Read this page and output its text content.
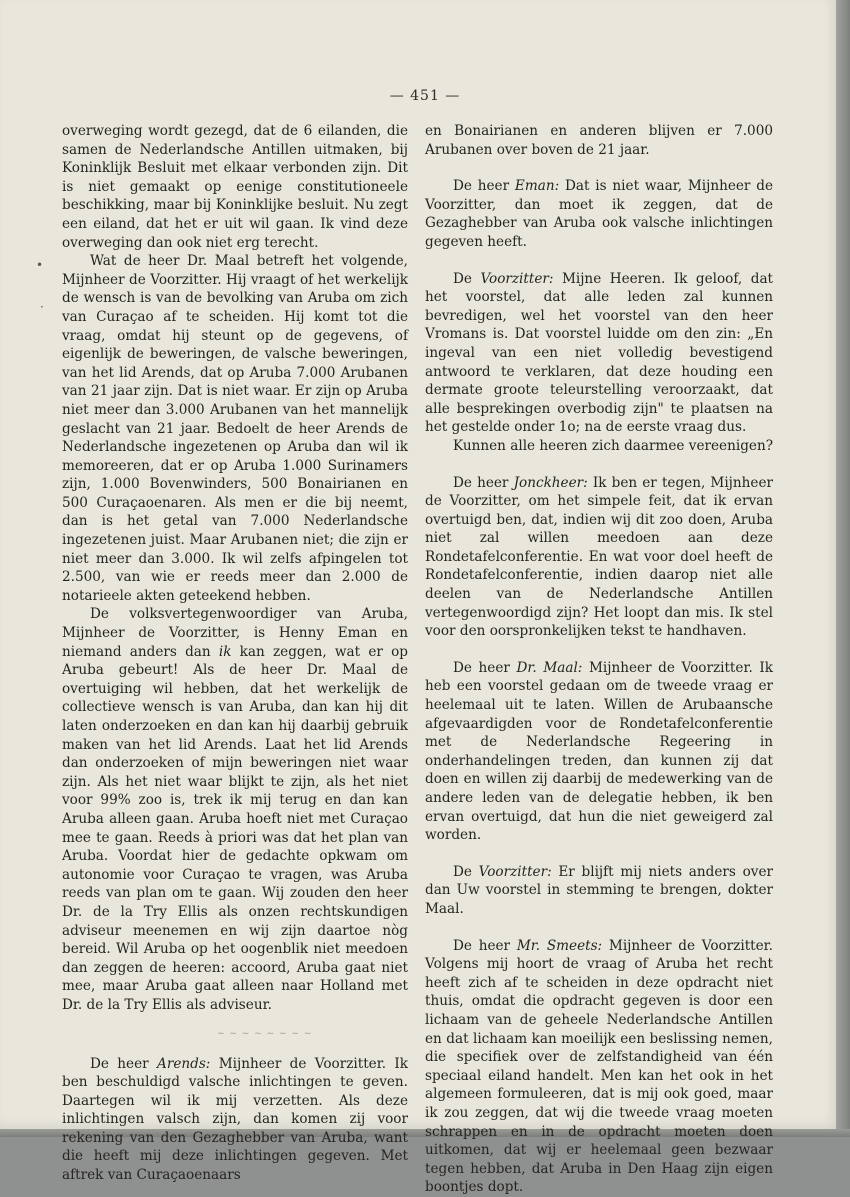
— 451 —
•
·

overweging wordt gezegd, dat de 6 eilanden, die samen de Nederlandsche Antillen uitmaken, bij Koninklijk Besluit met elkaar verbonden zijn. Dit is niet gemaakt op eenige constitutioneele beschikking, maar bij Koninklijke besluit. Nu zegt een eiland, dat het er uit wil gaan. Ik vind deze overweging dan ook niet erg terecht.

Wat de heer Dr. Maal betreft het volgende, Mijnheer de Voorzitter. Hij vraagt of het werkelijk de wensch is van de bevolking van Aruba om zich van Curaçao af te scheiden. Hij komt tot die vraag, omdat hij steunt op de gegevens, of eigenlijk de beweringen, de valsche beweringen, van het lid Arends, dat op Aruba 7.000 Arubanen van 21 jaar zijn. Dat is niet waar. Er zijn op Aruba niet meer dan 3.000 Arubanen van het mannelijk geslacht van 21 jaar. Bedoelt de heer Arends de Nederlandsche ingezetenen op Aruba dan wil ik memoreeren, dat er op Aruba 1.000 Surinamers zijn, 1.000 Bovenwinders, 500 Bonairianen en 500 Curaçaoenaren. Als men er die bij neemt, dan is het getal van 7.000 Nederlandsche ingezetenen juist. Maar Arubanen niet; die zijn er niet meer dan 3.000. Ik wil zelfs afpingelen tot 2.500, van wie er reeds meer dan 2.000 de notarieele akten geteekend hebben.

De volksvertegenwoordiger van Aruba, Mijnheer de Voorzitter, is Henny Eman en niemand anders dan ik kan zeggen, wat er op Aruba gebeurt! Als de heer Dr. Maal de overtuiging wil hebben, dat het werkelijk de collectieve wensch is van Aruba, dan kan hij dit laten onderzoeken en dan kan hij daarbij gebruik maken van het lid Arends. Laat het lid Arends dan onderzoeken of mijn beweringen niet waar zijn. Als het niet waar blijkt te zijn, als het niet voor 99% zoo is, trek ik mij terug en dan kan Aruba alleen gaan. Aruba hoeft niet met Curaçao mee te gaan. Reeds à priori was dat het plan van Aruba. Voordat hier de gedachte opkwam om autonomie voor Curaçao te vragen, was Aruba reeds van plan om te gaan. Wij zouden den heer Dr. de la Try Ellis als onzen rechtskundigen adviseur meenemen en wij zijn daartoe nòg bereid. Wil Aruba op het oogenblik niet meedoen dan zeggen de heeren: accoord, Aruba gaat niet mee, maar Aruba gaat alleen naar Holland met Dr. de la Try Ellis als adviseur.

~ ~ ~ ~ ~ ~ ~ ~

De heer Arends: Mijnheer de Voorzitter. Ik ben beschuldigd valsche inlichtingen te geven. Daartegen wil ik mij verzetten. Als deze inlichtingen valsch zijn, dan komen zij voor rekening van den Gezaghebber van Aruba, want die heeft mij deze inlichtingen gegeven. Met aftrek van Curaçaoenaars

en Bonairianen en anderen blijven er 7.000 Arubanen over boven de 21 jaar.

De heer Eman: Dat is niet waar, Mijnheer de Voorzitter, dan moet ik zeggen, dat de Gezaghebber van Aruba ook valsche inlichtingen gegeven heeft.

De Voorzitter: Mijne Heeren. Ik geloof, dat het voorstel, dat alle leden zal kunnen bevredigen, wel het voorstel van den heer Vromans is. Dat voorstel luidde om den zin: „En ingeval van een niet volledig bevestigend antwoord te verklaren, dat deze houding een dermate groote teleurstelling veroorzaakt, dat alle besprekingen overbodig zijn" te plaatsen na het gestelde onder 1o; na de eerste vraag dus.

Kunnen alle heeren zich daarmee vereenigen?

De heer Jonckheer: Ik ben er tegen, Mijnheer de Voorzitter, om het simpele feit, dat ik ervan overtuigd ben, dat, indien wij dit zoo doen, Aruba niet zal willen meedoen aan deze Rondetafelconferentie. En wat voor doel heeft de Rondetafelconferentie, indien daarop niet alle deelen van de Nederlandsche Antillen vertegenwoordigd zijn? Het loopt dan mis. Ik stel voor den oorspronkelijken tekst te handhaven.

De heer Dr. Maal: Mijnheer de Voorzitter. Ik heb een voorstel gedaan om de tweede vraag er heelemaal uit te laten. Willen de Arubaansche afgevaardigden voor de Rondetafelconferentie met de Nederlandsche Regeering in onderhandelingen treden, dan kunnen zij dat doen en willen zij daarbij de medewerking van de andere leden van de delegatie hebben, ik ben ervan overtuigd, dat hun die niet geweigerd zal worden.

De Voorzitter: Er blijft mij niets anders over dan Uw voorstel in stemming te brengen, dokter Maal.

De heer Mr. Smeets: Mijnheer de Voorzitter. Volgens mij hoort de vraag of Aruba het recht heeft zich af te scheiden in deze opdracht niet thuis, omdat die opdracht gegeven is door een lichaam van de geheele Nederlandsche Antillen en dat lichaam kan moeilijk een beslissing nemen, die specifiek over de zelfstandigheid van één speciaal eiland handelt. Men kan het ook in het algemeen formuleeren, dat is mij ook goed, maar ik zou zeggen, dat wij die tweede vraag moeten schrappen en in de opdracht moeten doen uitkomen, dat wij er heelemaal geen bezwaar tegen hebben, dat Aruba in Den Haag zijn eigen boontjes dopt.
